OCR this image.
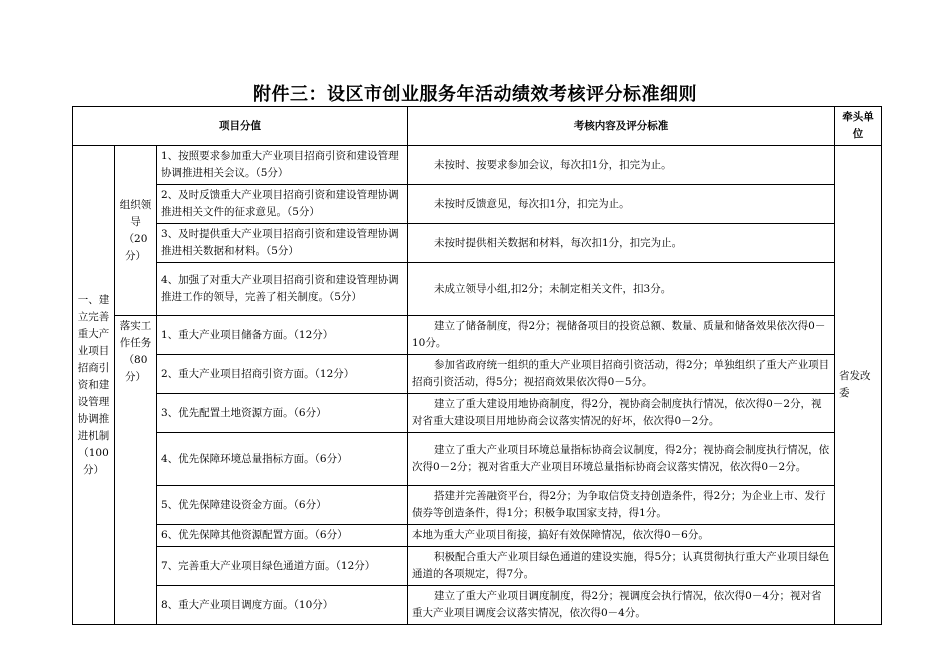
附件三：设区市创业服务年活动绩效考核评分标准细则
项目分值			考核内容及评分标准	牵头单位
一、建立完善重大产业项目招商引资和建设管理协调推进机制（100分）	组织领导（20分）	1、按照要求参加重大产业项目招商引资和建设管理协调推进相关会议。（5分）	未按时、按要求参加会议，每次扣1分，扣完为止。	省发改委
		2、及时反馈重大产业项目招商引资和建设管理协调推进相关文件的征求意见。（5分）	未按时反馈意见，每次扣1分，扣完为止。	
		3、及时提供重大产业项目招商引资和建设管理协调推进相关数据和材料。（5分）	未按时提供相关数据和材料，每次扣1分，扣完为止。	
		4、加强了对重大产业项目招商引资和建设管理协调推进工作的领导，完善了相关制度。（5分）	未成立领导小组,扣2分；未制定相关文件，扣3分。	
	落实工作任务（80分）	1、重大产业项目储备方面。（12分）	建立了储备制度，得2分；视储备项目的投资总额、数量、质量和储备效果依次得0－10分。	
		2、重大产业项目招商引资方面。（12分）	参加省政府统一组织的重大产业项目招商引资活动，得2分；单独组织了重大产业项目招商引资活动，得5分；视招商效果依次得0－5分。	
		3、优先配置土地资源方面。（6分）	建立了重大建设用地协商制度，得2分，视协商会制度执行情况，依次得0－2分，视对省重大建设项目用地协商会议落实情况的好坏，依次得0－2分。	
		4、优先保障环境总量指标方面。（6分）	建立了重大产业项目环境总量指标协商会议制度，得2分；视协商会制度执行情况，依次得0－2分；视对省重大产业项目环境总量指标协商会议落实情况，依次得0－2分。	
		5、优先保障建设资金方面。（6分）	搭建并完善融资平台，得2分；为争取信贷支持创造条件，得2分；为企业上市、发行债券等创造条件，得1分；积极争取国家支持，得1分。	
		6、优先保障其他资源配置方面。（6分）	本地为重大产业项目衔接，搞好有效保障情况，依次得0－6分。	
		7、完善重大产业项目绿色通道方面。（12分）	积极配合重大产业项目绿色通道的建设实施，得5分；认真贯彻执行重大产业项目绿色通道的各项规定，得7分。	
		8、重大产业项目调度方面。（10分）	建立了重大产业项目调度制度，得2分；视调度会执行情况，依次得0－4分；视对省重大产业项目调度会议落实情况，依次得0－4分。	
